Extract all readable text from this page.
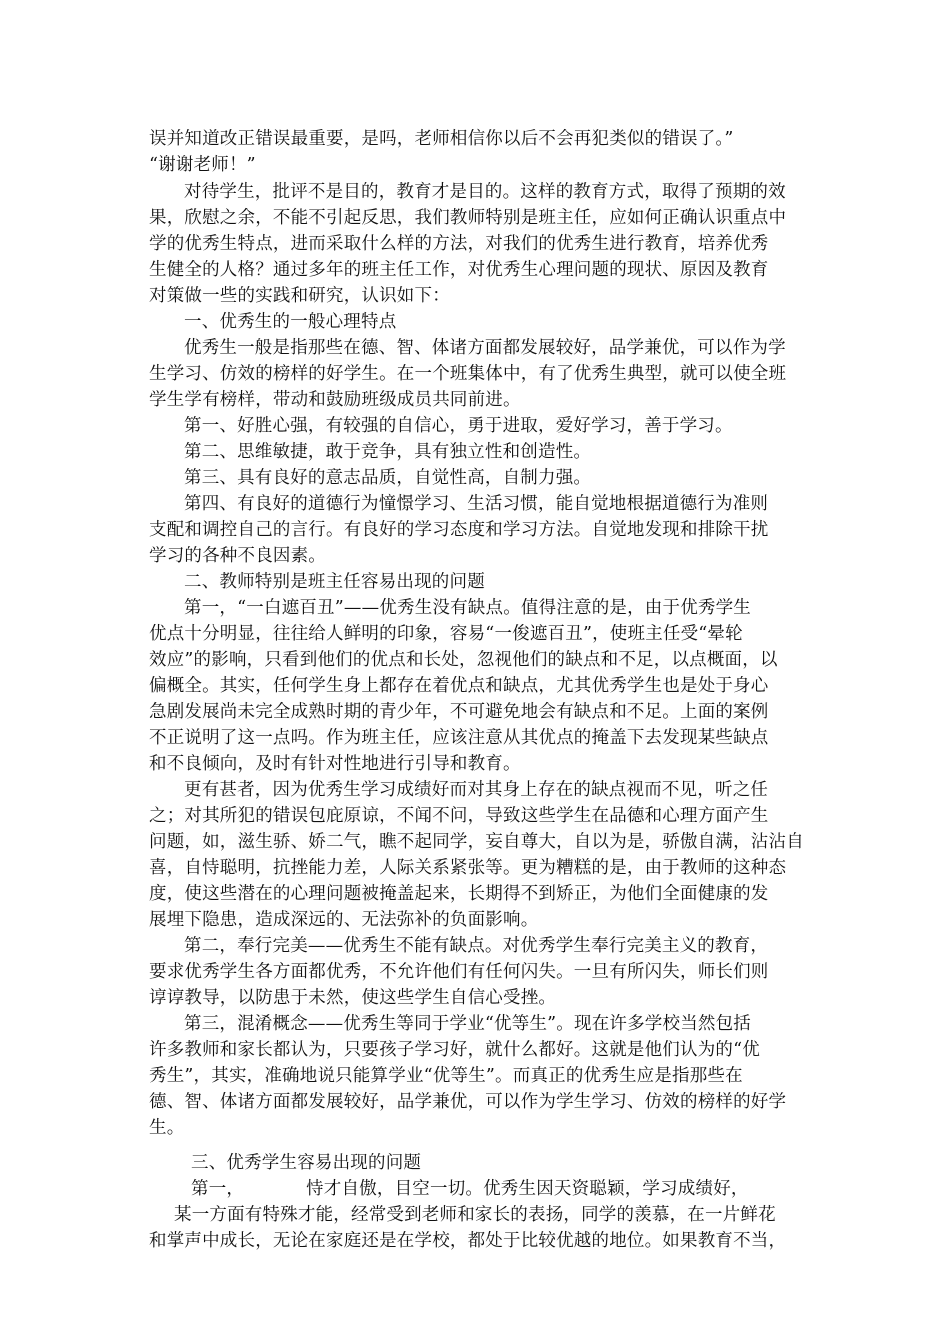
误并知道改正错误最重要，是吗，老师相信你以后不会再犯类似的错误了。”
“谢谢老师！”
对待学生，批评不是目的，教育才是目的。这样的教育方式，取得了预期的效
果，欣慰之余，不能不引起反思，我们教师特别是班主任，应如何正确认识重点中
学的优秀生特点，进而采取什么样的方法，对我们的优秀生进行教育，培养优秀
生健全的人格？通过多年的班主任工作，对优秀生心理问题的现状、原因及教育
对策做一些的实践和研究，认识如下：
一、优秀生的一般心理特点
优秀生一般是指那些在德、智、体诸方面都发展较好，品学兼优，可以作为学
生学习、仿效的榜样的好学生。在一个班集体中，有了优秀生典型，就可以使全班
学生学有榜样，带动和鼓励班级成员共同前进。
第一、好胜心强，有较强的自信心，勇于进取，爱好学习，善于学习。
第二、思维敏捷，敢于竞争，具有独立性和创造性。
第三、具有良好的意志品质，自觉性高，自制力强。
第四、有良好的道德行为憧憬学习、生活习惯，能自觉地根据道德行为准则
支配和调控自己的言行。有良好的学习态度和学习方法。自觉地发现和排除干扰
学习的各种不良因素。
二、教师特别是班主任容易出现的问题
第一，“一白遮百丑”——优秀生没有缺点。值得注意的是，由于优秀学生
优点十分明显，往往给人鲜明的印象，容易“一俊遮百丑”，使班主任受“晕轮
效应”的影响，只看到他们的优点和长处，忽视他们的缺点和不足，以点概面，以
偏概全。其实，任何学生身上都存在着优点和缺点，尤其优秀学生也是处于身心
急剧发展尚未完全成熟时期的青少年，不可避免地会有缺点和不足。上面的案例
不正说明了这一点吗。作为班主任，应该注意从其优点的掩盖下去发现某些缺点
和不良倾向，及时有针对性地进行引导和教育。
更有甚者，因为优秀生学习成绩好而对其身上存在的缺点视而不见，听之任
之；对其所犯的错误包庇原谅，不闻不问，导致这些学生在品德和心理方面产生
问题，如，滋生骄、娇二气，瞧不起同学，妄自尊大，自以为是，骄傲自满，沾沾自
喜，自恃聪明，抗挫能力差，人际关系紧张等。更为糟糕的是，由于教师的这种态
度，使这些潜在的心理问题被掩盖起来，长期得不到矫正，为他们全面健康的发
展埋下隐患，造成深远的、无法弥补的负面影响。
第二，奉行完美——优秀生不能有缺点。对优秀学生奉行完美主义的教育，
要求优秀学生各方面都优秀，不允许他们有任何闪失。一旦有所闪失，师长们则
谆谆教导，以防患于未然，使这些学生自信心受挫。
第三，混淆概念——优秀生等同于学业“优等生”。现在许多学校当然包括
许多教师和家长都认为，只要孩子学习好，就什么都好。这就是他们认为的“优
秀生”，其实，准确地说只能算学业“优等生”。而真正的优秀生应是指那些在
德、智、体诸方面都发展较好，品学兼优，可以作为学生学习、仿效的榜样的好学
生。
三、优秀学生容易出现的问题
第一，	恃才自傲，目空一切。优秀生因天资聪颖，学习成绩好，
某一方面有特殊才能，经常受到老师和家长的表扬，同学的羡慕，在一片鲜花
和掌声中成长，无论在家庭还是在学校，都处于比较优越的地位。如果教育不当，
